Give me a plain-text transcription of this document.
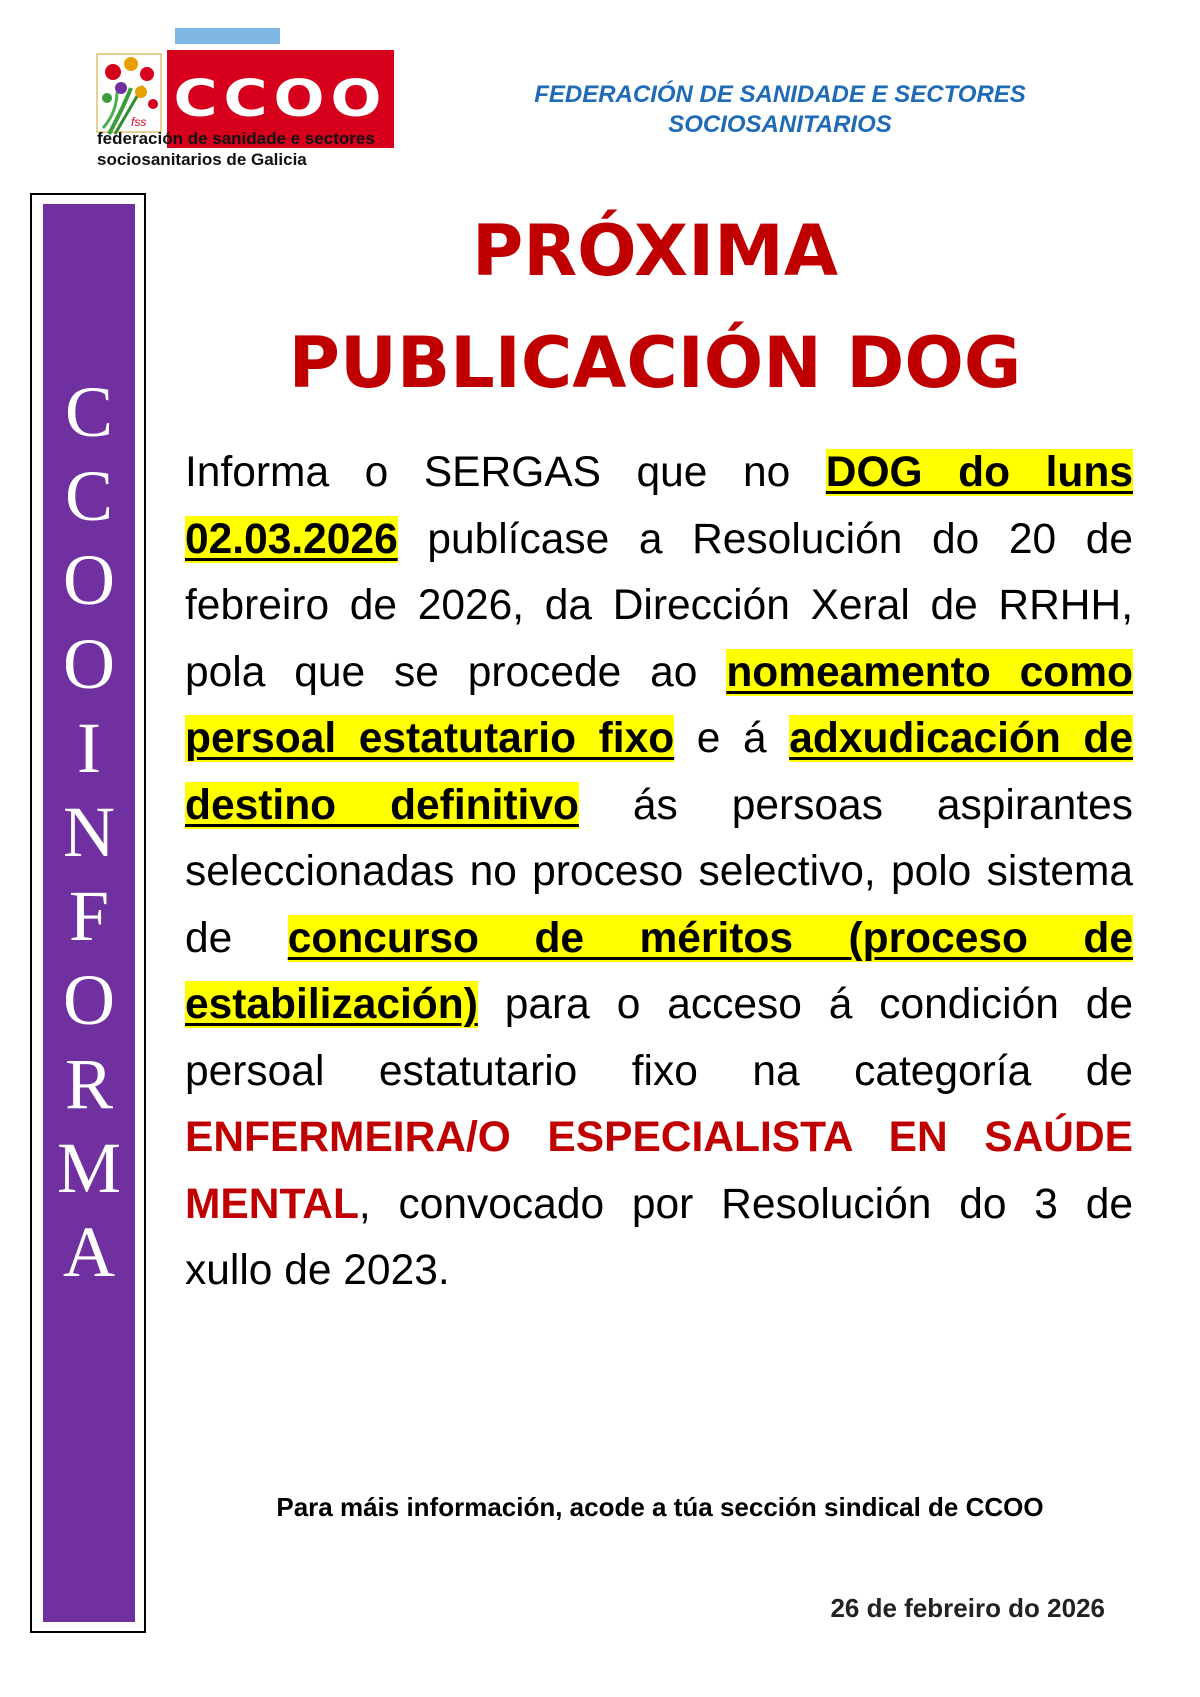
fss CCOO
federación de sanidade e sectores
sociosanitarios de Galicia
FEDERACIÓN DE SANIDADE E SECTORES
SOCIOSANITARIOS
C
C
O
O
I
N
F
O
R
M
A
PRÓXIMA
PUBLICACIÓN DOG
Informa o SERGAS que no DOG do luns 02.03.2026 publícase a Resolución do 20 de febreiro de 2026, da Dirección Xeral de RRHH, pola que se procede ao nomeamento como persoal estatutario fixo e á adxudicación de destino definitivo ás persoas aspirantes seleccionadas no proceso selectivo, polo sistema de concurso de méritos (proceso de estabilización) para o acceso á condición de persoal estatutario fixo na categoría de ENFERMEIRA/O ESPECIALISTA EN SAÚDE MENTAL, convocado por Resolución do 3 de xullo de 2023.
Para máis información, acode a túa sección sindical de CCOO
26 de febreiro do 2026
